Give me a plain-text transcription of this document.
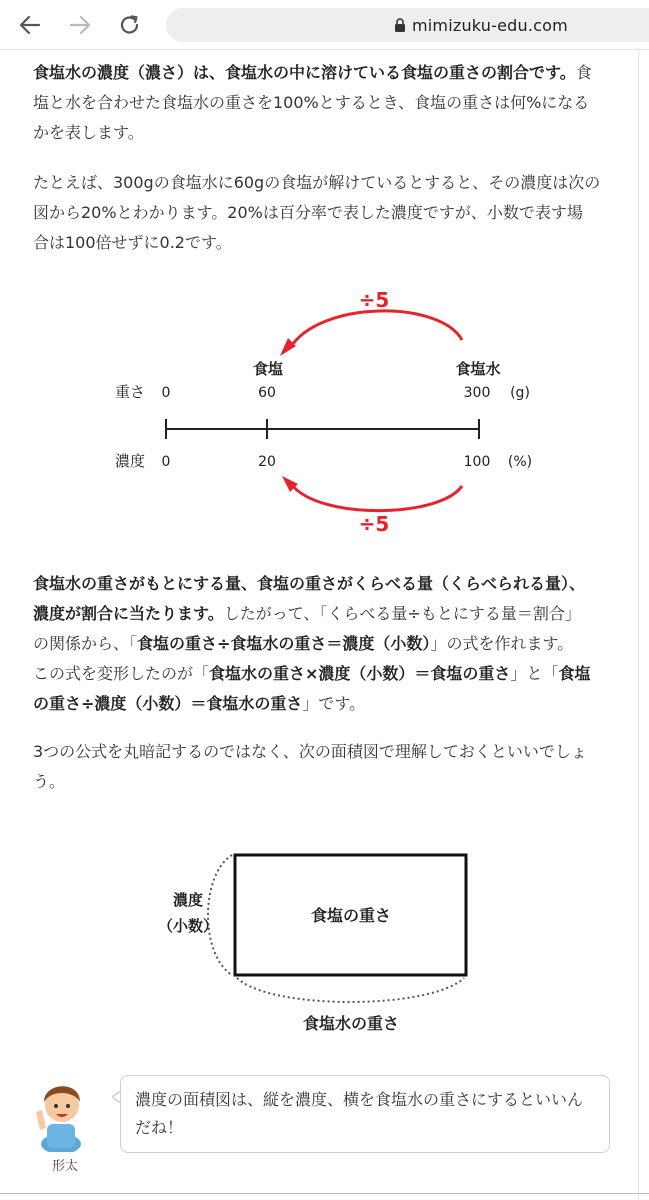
mimizuku-edu.com
食塩水の濃度（濃さ）は、食塩水の中に溶けている食塩の重さの割合です。食
塩と水を合わせた食塩水の重さを100%とするとき、食塩の重さは何%になる
かを表します。
たとえば、300gの食塩水に60gの食塩が解けているとすると、その濃度は次の
図から20%とわかります。20%は百分率で表した濃度ですが、小数で表す場
合は100倍せずに0.2です。
食塩水の重さがもとにする量、食塩の重さがくらべる量（くらべられる量）、
濃度が割合に当たります。したがって、「くらべる量÷もとにする量＝割合」
の関係から、「食塩の重さ÷食塩水の重さ＝濃度（小数）」の式を作れます。
この式を変形したのが「食塩水の重さ×濃度（小数）＝食塩の重さ」と「食塩
の重さ÷濃度（小数）＝食塩水の重さ」です。
3つの公式を丸暗記するのではなく、次の面積図で理解しておくといいでしょ
う。
÷5
食塩	食塩水
重さ 0	60	300 (g)
濃度 0	20	100 (%)
÷5
食塩の重さ
濃度
（小数）
食塩水の重さ
形太
濃度の面積図は、縦を濃度、横を食塩水の重さにするといいん
だね！
